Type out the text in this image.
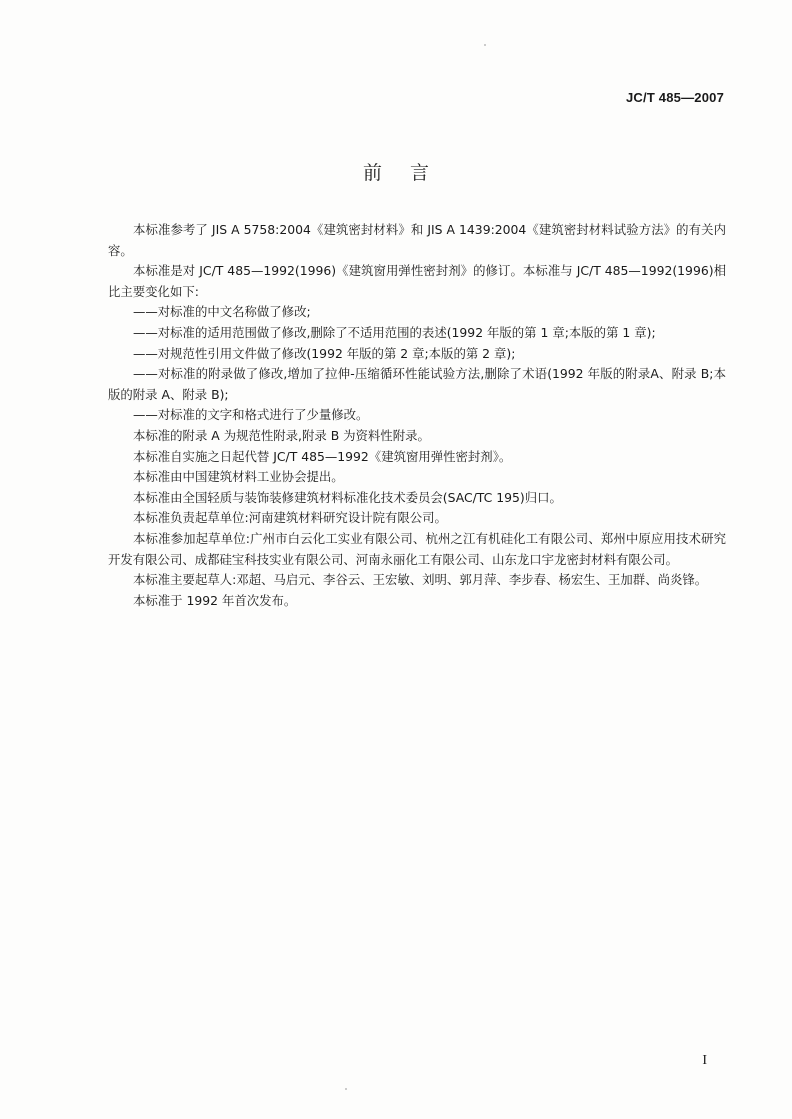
JC/T 485—2007
前言

本标准参考了 JIS A 5758:2004《建筑密封材料》和 JIS A 1439:2004《建筑密封材料试验方法》的有关内容。

本标准是对 JC/T 485—1992(1996)《建筑窗用弹性密封剂》的修订。本标准与 JC/T 485—1992(1996)相比主要变化如下:

——对标准的中文名称做了修改;

——对标准的适用范围做了修改,删除了不适用范围的表述(1992 年版的第 1 章;本版的第 1 章);

——对规范性引用文件做了修改(1992 年版的第 2 章;本版的第 2 章);

——对标准的附录做了修改,增加了拉伸-压缩循环性能试验方法,删除了术语(1992 年版的附录A、附录 B;本版的附录 A、附录 B);

——对标准的文字和格式进行了少量修改。

本标准的附录 A 为规范性附录,附录 B 为资料性附录。

本标准自实施之日起代替 JC/T 485—1992《建筑窗用弹性密封剂》。

本标准由中国建筑材料工业协会提出。

本标准由全国轻质与装饰装修建筑材料标准化技术委员会(SAC/TC 195)归口。

本标准负责起草单位:河南建筑材料研究设计院有限公司。

本标准参加起草单位:广州市白云化工实业有限公司、杭州之江有机硅化工有限公司、郑州中原应用技术研究开发有限公司、成都硅宝科技实业有限公司、河南永丽化工有限公司、山东龙口宇龙密封材料有限公司。

本标准主要起草人:邓超、马启元、李谷云、王宏敏、刘明、郭月萍、李步春、杨宏生、王加群、尚炎锋。

本标准于 1992 年首次发布。

I
